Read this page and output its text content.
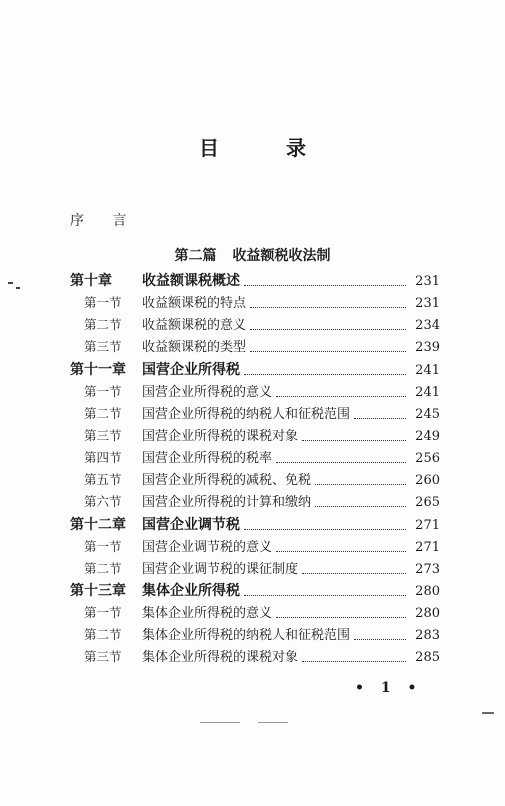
目 录
序 言
第二篇 收益额税收法制
第十章	收益额课税概述	231
第一节	收益额课税的特点	231
第二节	收益额课税的意义	234
第三节	收益额课税的类型	239
第十一章	国营企业所得税	241
第一节	国营企业所得税的意义	241
第二节	国营企业所得税的纳税人和征税范围	245
第三节	国营企业所得税的课税对象	249
第四节	国营企业所得税的税率	256
第五节	国营企业所得税的减税、免税	260
第六节	国营企业所得税的计算和缴纳	265
第十二章	国营企业调节税	271
第一节	国营企业调节税的意义	271
第二节	国营企业调节税的课征制度	273
第十三章	集体企业所得税	280
第一节	集体企业所得税的意义	280
第二节	集体企业所得税的纳税人和征税范围	283
第三节	集体企业所得税的课税对象	285
• 1 •
